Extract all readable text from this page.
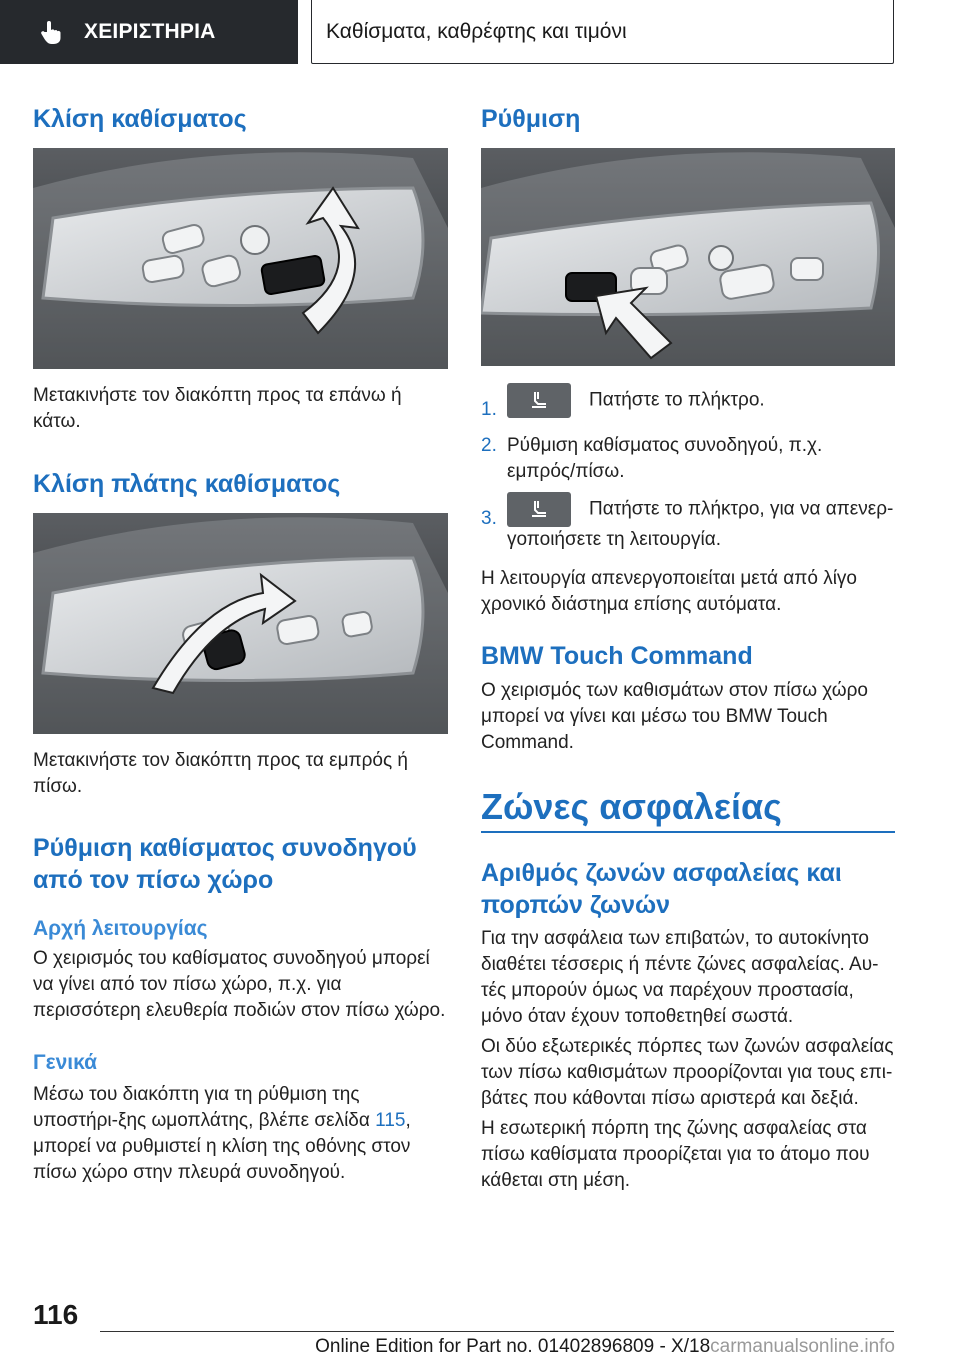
ΧΕΙΡΙΣΤΗΡΙΑ	Καθίσματα, καθρέφτης και τιμόνι
Κλίση καθίσματος

Μετακινήστε τον διακόπτη προς τα επάνω ή κάτω.

Κλίση πλάτης καθίσματος

Μετακινήστε τον διακόπτη προς τα εμπρός ή πίσω.

Ρύθμιση καθίσματος συνοδηγού από τον πίσω χώρο
Αρχή λειτουργίας

Ο χειρισμός του καθίσματος συνοδηγού μπορεί να γίνει από τον πίσω χώρο, π.χ. για περισσότερη ελευθερία ποδιών στον πίσω χώρο.

Γενικά

Μέσω του διακόπτη για τη ρύθμιση της υποστήρι-ξης ωμοπλάτης, βλέπε σελίδα 115, μπορεί να ρυθμιστεί η κλίση της οθόνης στον πίσω χώρο στην πλευρά συνοδηγού.

Ρύθμιση
1.	Πατήστε το πλήκτρο.
2. Ρύθμιση καθίσματος συνοδηγού, π.χ. εμπρός/πίσω.
3.	Πατήστε το πλήκτρο, για να απενερ-γοποιήσετε τη λειτουργία.

Η λειτουργία απενεργοποιείται μετά από λίγο χρονικό διάστημα επίσης αυτόματα.

BMW Touch Command

Ο χειρισμός των καθισμάτων στον πίσω χώρο μπορεί να γίνει και μέσω του BMW Touch Command.

Ζώνες ασφαλείας
Αριθμός ζωνών ασφαλείας και πορπών ζωνών

Για την ασφάλεια των επιβατών, το αυτοκίνητο διαθέτει τέσσερις ή πέντε ζώνες ασφαλείας. Αυ-τές μπορούν όμως να παρέχουν προστασία, μόνο όταν έχουν τοποθετηθεί σωστά.

Οι δύο εξωτερικές πόρπες των ζωνών ασφαλείας των πίσω καθισμάτων προορίζονται για τους επι-βάτες που κάθονται πίσω αριστερά και δεξιά.

Η εσωτερική πόρπη της ζώνης ασφαλείας στα πίσω καθίσματα προορίζεται για το άτομο που κάθεται στη μέση.

116
Online Edition for Part no. 01402896809 - X/18carmanualsonline.info
